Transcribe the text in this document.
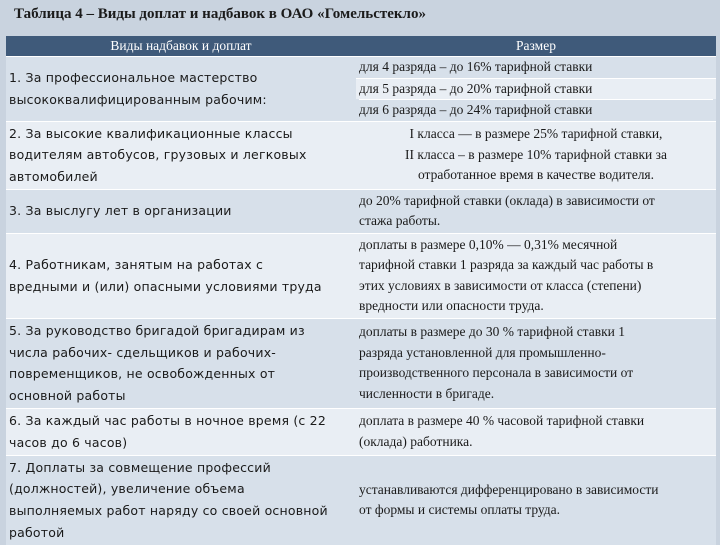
Таблица 4 – Виды доплат и надбавок в ОАО «Гомельстекло»
Виды надбавок и доплат	Размер

1. За профессиональное мастерство
высококвалифицированным рабочим:	для 4 разряда – до 16% тарифной ставки
для 5 разряда – до 20% тарифной ставки
для 6 разряда – до 24% тарифной ставки

2. За высокие квалификационные классы
водителям автобусов, грузовых и легковых
автомобилей	I класса — в размере 25% тарифной ставки,
II класса – в размере 10% тарифной ставки за
отработанное время в качестве водителя.

3. За выслугу лет в организации	до 20% тарифной ставки (оклада) в зависимости от
стажа работы.

4. Работникам, занятым на работах с
вредными и (или) опасными условиями труда	доплаты в размере 0,10% — 0,31% месячной
тарифной ставки 1 разряда за каждый час работы в
этих условиях в зависимости от класса (степени)
вредности или опасности труда.

5. За руководство бригадой бригадирам из
числа рабочих- сдельщиков и рабочих-
повременщиков, не освобожденных от
основной работы	доплаты в размере до 30 % тарифной ставки 1
разряда установленной для промышленно-
производственного персонала в зависимости от
численности в бригаде.

6. За каждый час работы в ночное время (с 22
часов до 6 часов)	доплата в размере 40 % часовой тарифной ставки
(оклада) работника.

7. Доплаты за совмещение профессий
(должностей), увеличение объема
выполняемых работ наряду со своей основной
работой	устанавливаются дифференцировано в зависимости
от формы и системы оплаты труда.
